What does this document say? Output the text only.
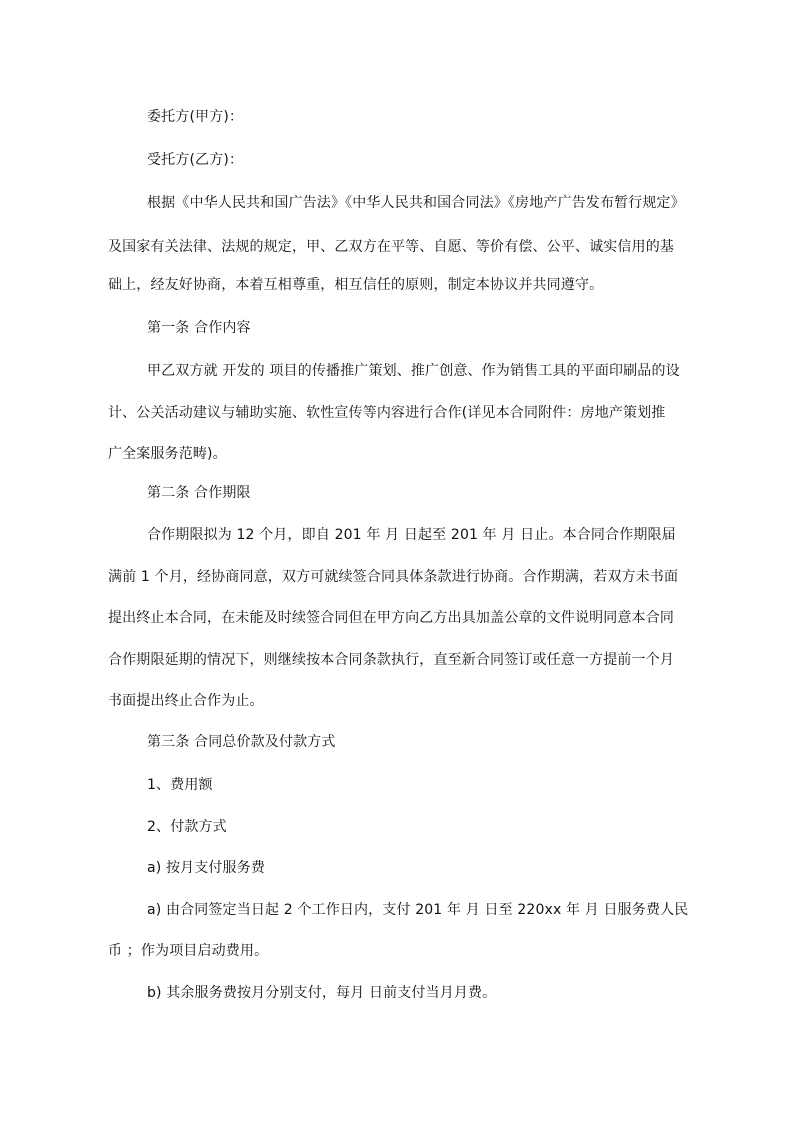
委托方(甲方)：
受托方(乙方)：
根据《中华人民共和国广告法》《中华人民共和国合同法》《房地产广告发布暂行规定》
及国家有关法律、法规的规定，甲、乙双方在平等、自愿、等价有偿、公平、诚实信用的基
础上，经友好协商，本着互相尊重，相互信任的原则，制定本协议并共同遵守。
第一条 合作内容
甲乙双方就 开发的 项目的传播推广策划、推广创意、作为销售工具的平面印刷品的设
计、公关活动建议与辅助实施、软性宣传等内容进行合作(详见本合同附件：房地产策划推
广全案服务范畴)。
第二条 合作期限
合作期限拟为 12 个月，即自 201 年 月 日起至 201 年 月 日止。本合同合作期限届
满前 1 个月，经协商同意，双方可就续签合同具体条款进行协商。合作期满，若双方未书面
提出终止本合同，在未能及时续签合同但在甲方向乙方出具加盖公章的文件说明同意本合同
合作期限延期的情况下，则继续按本合同条款执行，直至新合同签订或任意一方提前一个月
书面提出终止合作为止。
第三条 合同总价款及付款方式
1、费用额
2、付款方式
a) 按月支付服务费
a) 由合同签定当日起 2 个工作日内，支付 201 年 月 日至 220xx 年 月 日服务费人民
币 ；作为项目启动费用。
b) 其余服务费按月分别支付，每月 日前支付当月月费。
